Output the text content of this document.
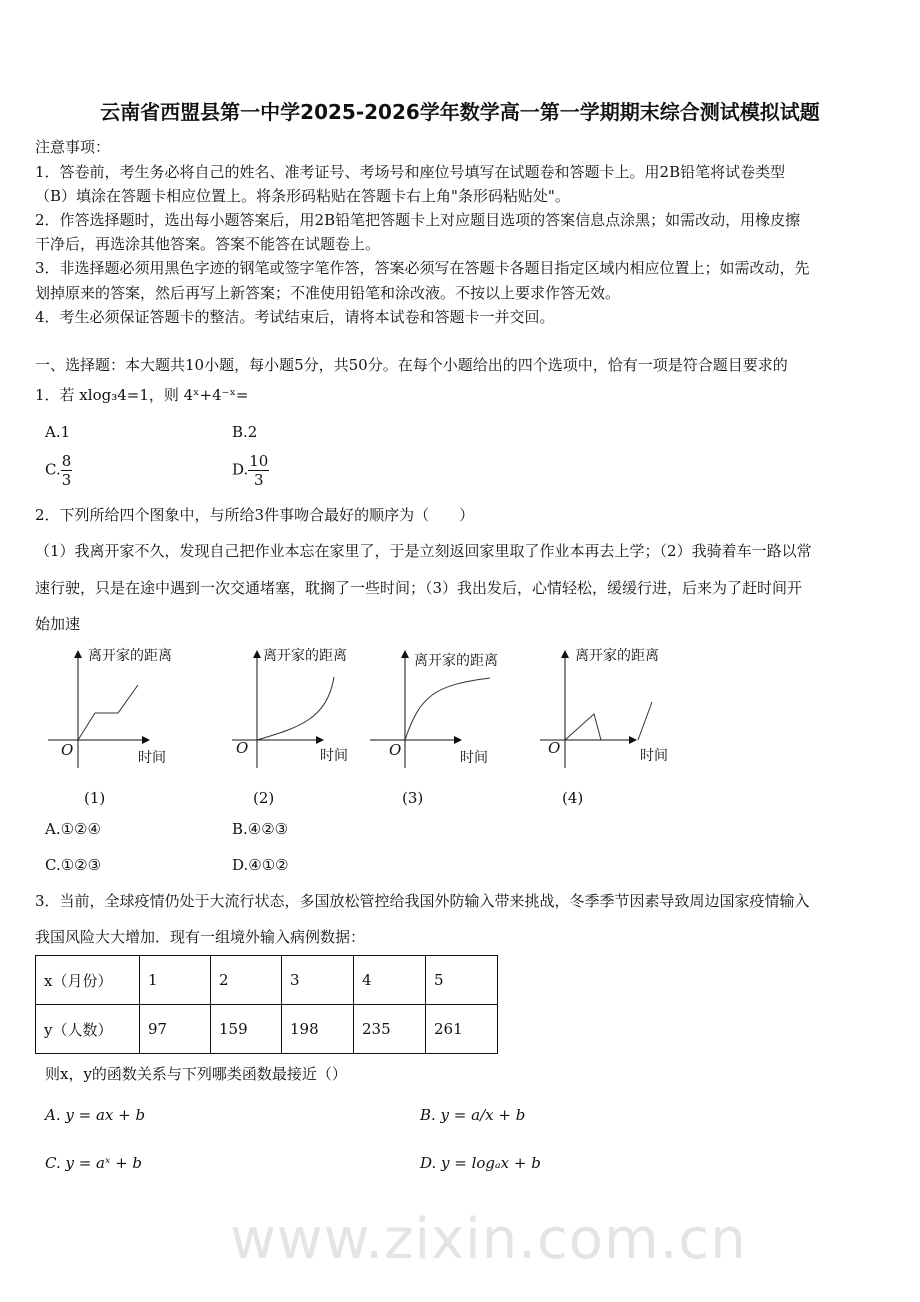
www.zixin.com.cn
云南省西盟县第一中学2025-2026学年数学高一第一学期期末综合测试模拟试题
注意事项：
1．答卷前，考生务必将自己的姓名、准考证号、考场号和座位号填写在试题卷和答题卡上。用2B铅笔将试卷类型
（B）填涂在答题卡相应位置上。将条形码粘贴在答题卡右上角"条形码粘贴处"。
2．作答选择题时，选出每小题答案后，用2B铅笔把答题卡上对应题目选项的答案信息点涂黑；如需改动，用橡皮擦
干净后，再选涂其他答案。答案不能答在试题卷上。
3．非选择题必须用黑色字迹的钢笔或签字笔作答，答案必须写在答题卡各题目指定区域内相应位置上；如需改动，先
划掉原来的答案，然后再写上新答案；不准使用铅笔和涂改液。不按以上要求作答无效。
4．考生必须保证答题卡的整洁。考试结束后，请将本试卷和答题卡一并交回。
一、选择题：本大题共10小题，每小题5分，共50分。在每个小题给出的四个选项中，恰有一项是符合题目要求的
1．若 xlog₃4=1，则 4ˣ+4⁻ˣ=
A.1	B.2
C. $\frac{8}{3}$	D. $\frac{10}{3}$
2．下列所给四个图象中，与所给3件事吻合最好的顺序为（　　）
（1）我离开家不久，发现自己把作业本忘在家里了，于是立刻返回家里取了作业本再去上学；（2）我骑着车一路以常
速行驶，只是在途中遇到一次交通堵塞，耽搁了一些时间；（3）我出发后，心情轻松，缓缓行进，后来为了赶时间开
始加速
离开家的距离	离开家的距离	离开家的距离	离开家的距离
时间	时间	时间	时间
O	O	O	O
(1)	(2)	(3)	(4)
A.①②④	B.④②③
C.①②③	D.④①②
3．当前，全球疫情仍处于大流行状态，多国放松管控给我国外防输入带来挑战，冬季季节因素导致周边国家疫情输入
我国风险大大增加．现有一组境外输入病例数据：
x（月份）	1	2	3	4	5
y（人数）	97	159	198	235	261
则x，y的函数关系与下列哪类函数最接近（）
A. y = ax + b	B. y = a/x + b
C. y = aˣ + b	D. y = logₐx + b
